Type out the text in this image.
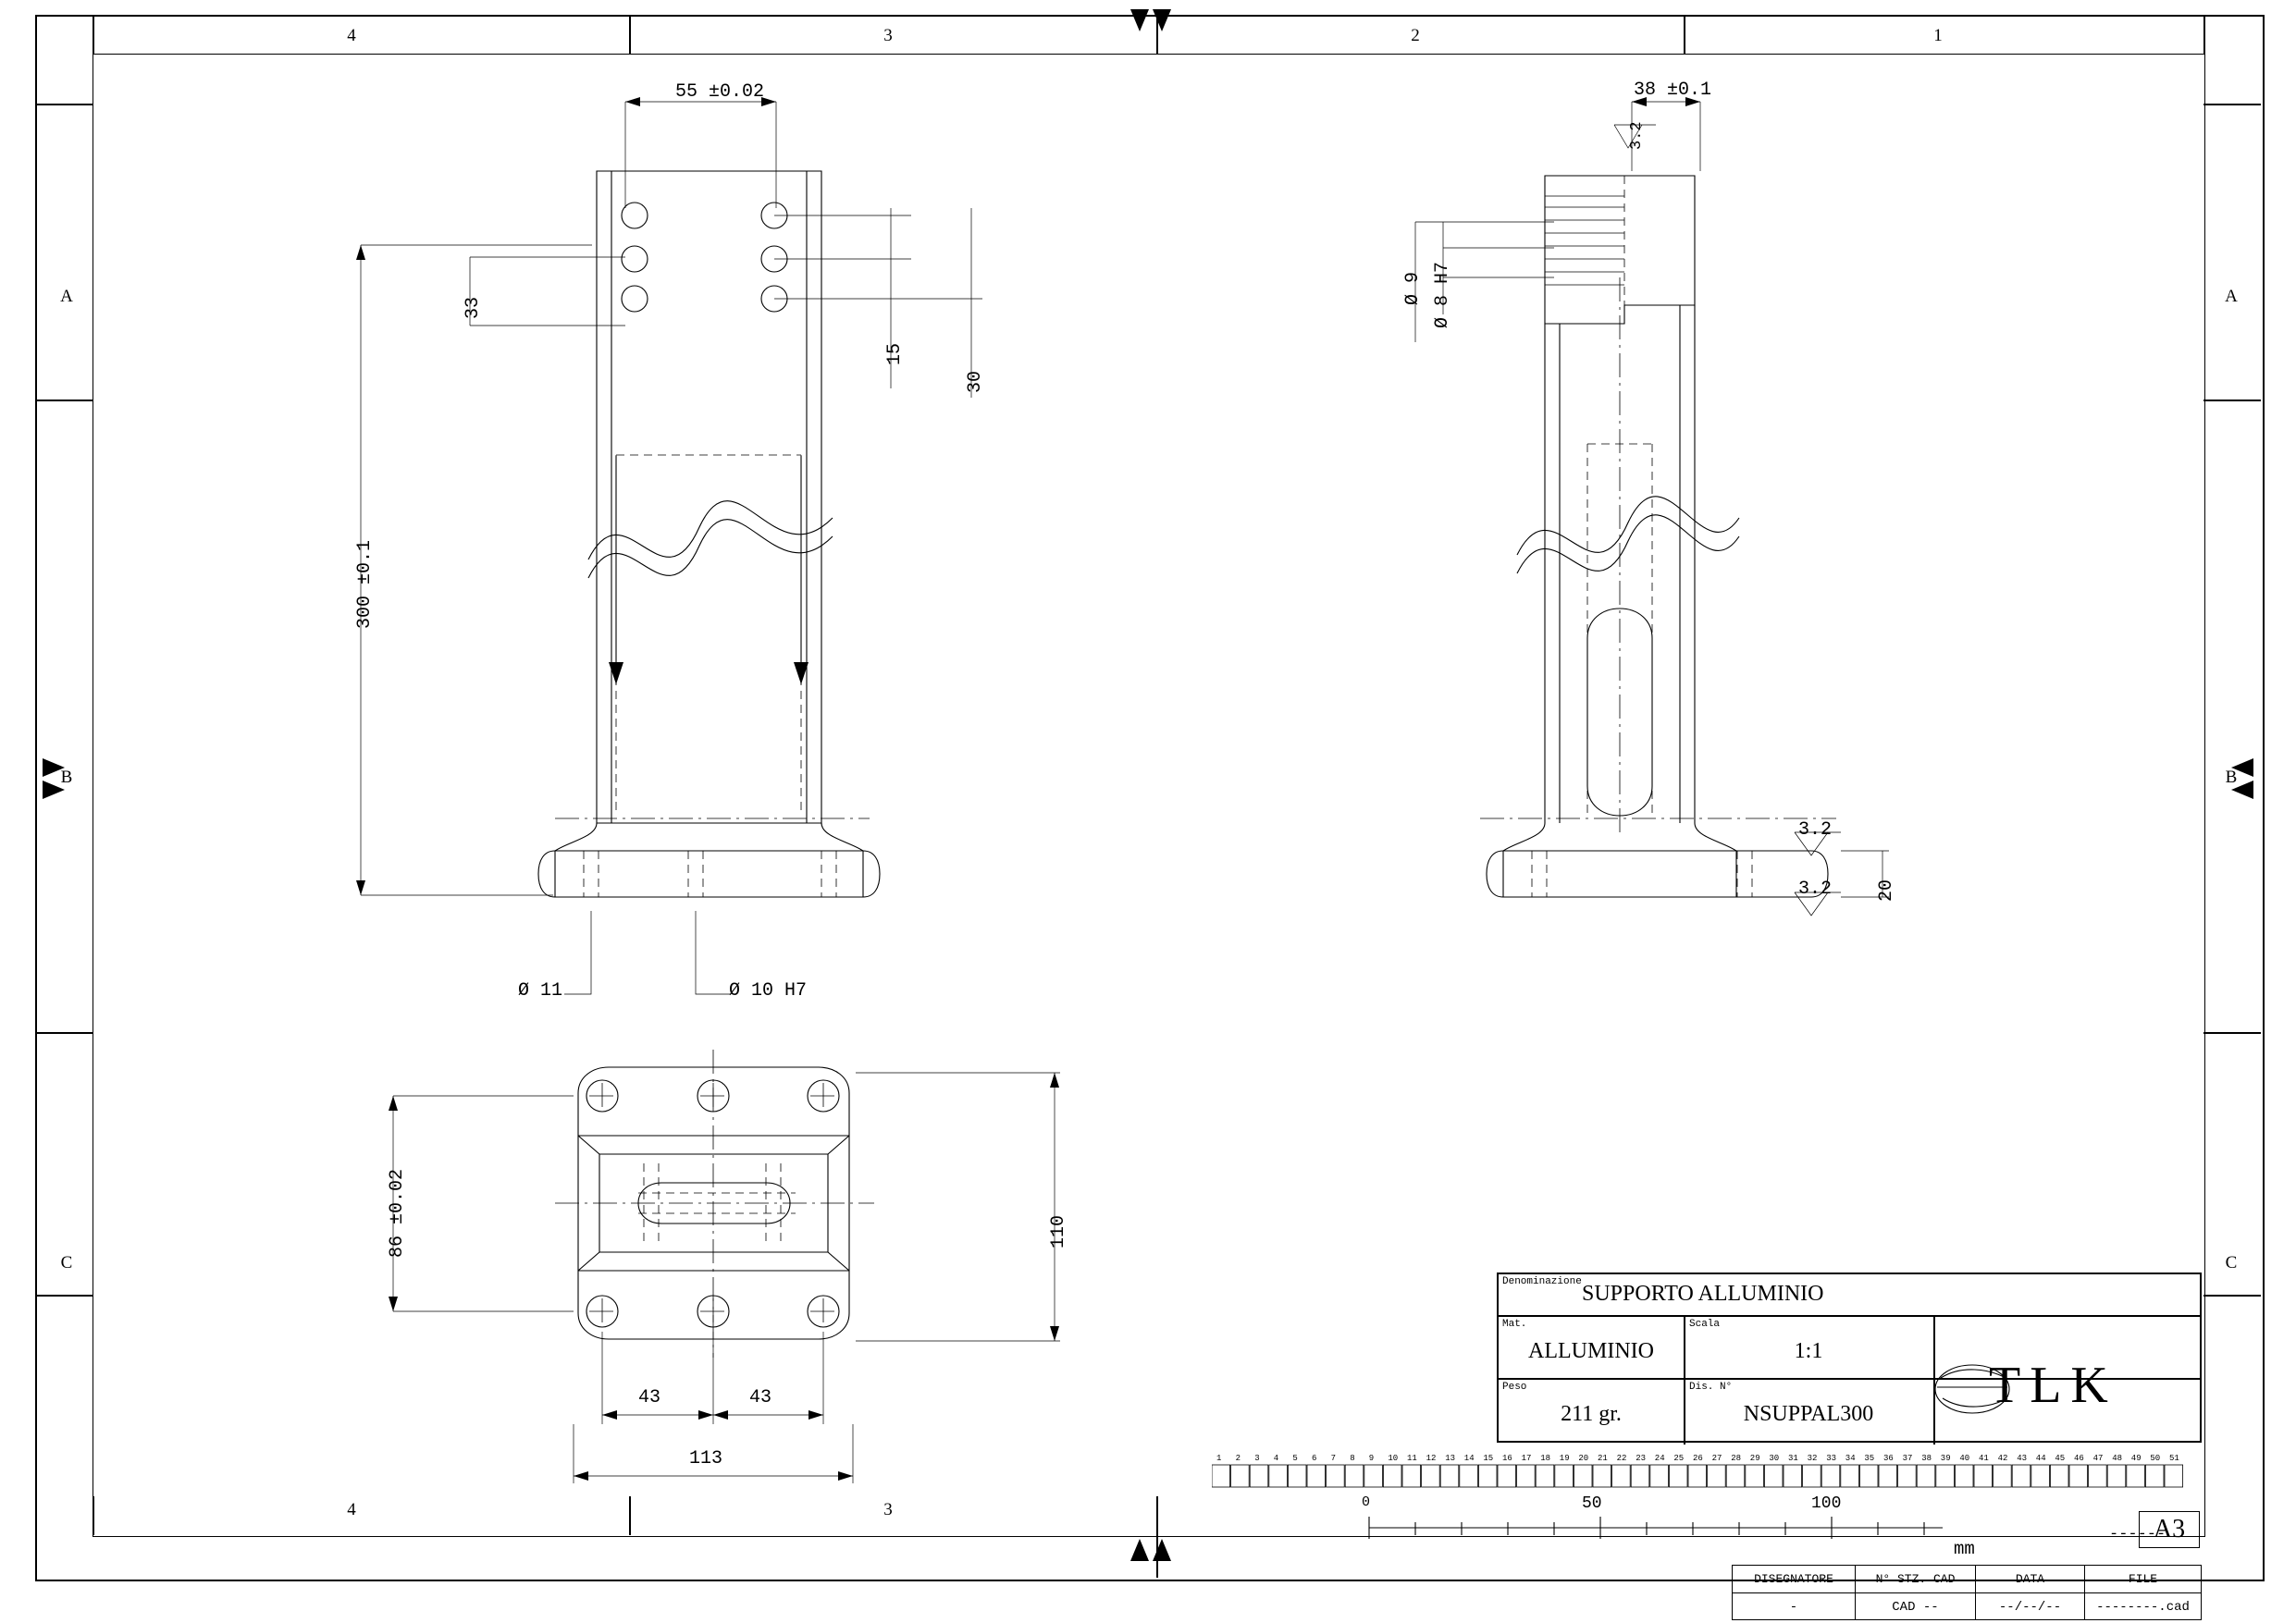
4	3	2	1
4	3
A
B
C
A
B
C
55 ±0.02
300 ±0.1
33
15
30
Ø 11	Ø 10 H7
38 ±0.1
3.2
Ø 9 Ø 8 H7
3.2
3.2 20
86 ±0.02	110
43	43
113
Denominazione SUPPORTO ALLUMINIO
Mat.
ALLUMINIO
Scala
1:1
Peso
211 gr.
Dis. N°
NSUPPAL300	TLK
1 2 3 4 5 6 7 8 9 10 11 12 13 14 15 16 17 18 19 20 21 22 23 24 25 26 27 28 29 30 31 32 33 34 35 36 37 38 39 40 41 42 43 44 45 46 47 48 49 50 51
0	50	100
mm
------
A3
DISEGNATORE	N° STZ. CAD	DATA	FILE
-	CAD --	--/--/--	--------.cad
